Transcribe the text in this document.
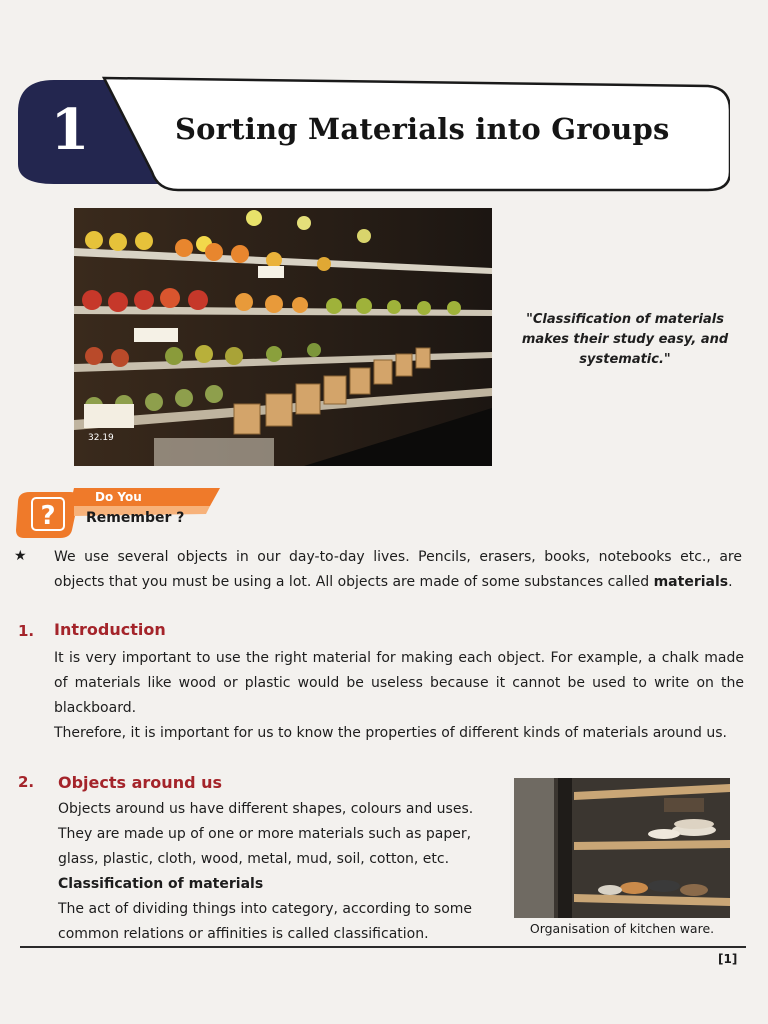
1	Sorting Materials into Groups
32.19
"Classification of materials makes their study easy, and systematic."
?
Do You
Remember ?
★ We use several objects in our day-to-day lives. Pencils, erasers, books, notebooks etc., are objects that you must be using a lot. All objects are made of some substances called materials.
1. Introduction
It is very important to use the right material for making each object. For example, a chalk made of materials like wood or plastic would be useless because it cannot be used to write on the blackboard.
Therefore, it is important for us to know the properties of different kinds of materials around us.
2. Objects around us
Objects around us have different shapes, colours and uses. They are made up of one or more materials such as paper, glass, plastic, cloth, wood, metal, mud, soil, cotton, etc.
Classification of materials
The act of dividing things into category, according to some common relations or affinities is called classification.	Organisation of kitchen ware.
[1]
